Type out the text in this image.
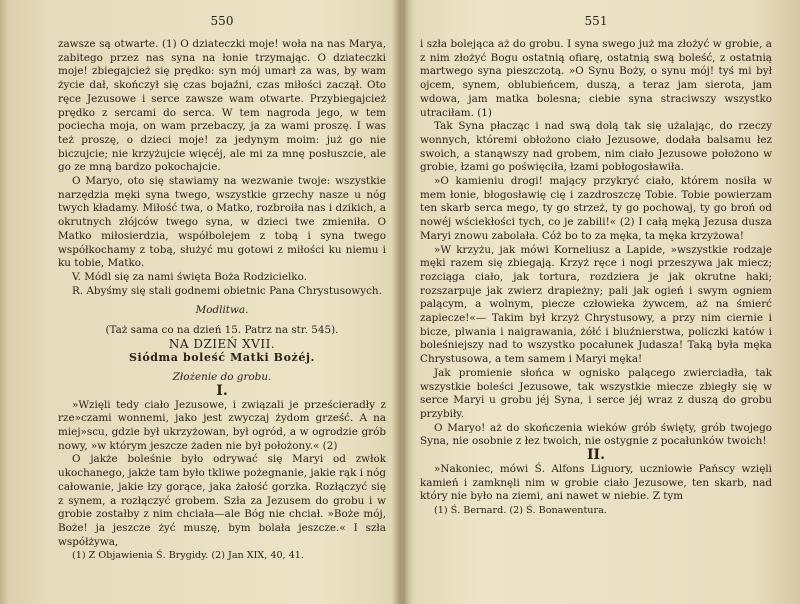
550

zawsze są otwarte. (1) O dziateczki moje! woła na nas Marya, zabitego przez nas syna na łonie trzymając. O dziateczki moje! zbiegajcież się prędko: syn mój umarł za was, by wam życie dał, skończył się czas bojaźni, czas miłości zaczął. Oto ręce Jezusowe i serce zawsze wam otwarte. Przybiegajcież prędko z sercami do serca. W tem nagroda jego, w tem pociecha moja, on wam przebaczy, ja za wami proszę. I was też proszę, o dzieci moje! za jedynym moim: już go nie biczujcie; nie krzyżujcie więcéj, ale mi za mnę posłuszcie, ale go ze mną bardzo pokochajcie.

O Maryo, oto się stawiamy na wezwanie twoje: wszystkie narzędzia męki syna twego, wszystkie grzechy nasze u nóg twych kładamy. Miłość twa, o Matko, rozbroiła nas i dzikich, a okrutnych złójców twego syna, w dzieci twe zmieniła. O Matko miłosierdzia, współbolejem z tobą i syna twego współkochamy z tobą, służyć mu gotowi z miłości ku niemu i ku tobie, Matko.

V. Módl się za nami święta Boża Rodzicielko.

R. Abyśmy się stali godnemi obietnic Pana Chrystusowych.

Modlitwa.

(Taż sama co na dzień 15. Patrz na str. 545).

NA DZIEŃ XVII.

Siódma boleść Matki Bożéj.

Złożenie do grobu.

I.

»Wzięli tedy ciało Jezusowe, i związali je prześcieradły z rze»czami wonnemi, jako jest zwyczaj żydom grześć. A na miej»scu, gdzie był ukrzyżowan, był ogród, a w ogrodzie grób nowy, »w którym jeszcze żaden nie był położony.« (2)

O jakże boleśnie było odrywać się Maryi od zwłok ukochanego, jakże tam było tkliwe pożegnanie, jakie rąk i nóg całowanie, jakie łzy gorące, jaka żałość gorzka. Rozłączyć się z synem, a rozłączyć grobem. Szła za Jezusem do grobu i w grobie zostałby z nim chciała—ale Bóg nie chciał. »Boże mój, Boże! ja jeszcze żyć muszę, bym bolała jeszcze.« I szła współżywa,

(1) Z Objawienia Ś. Brygidy. (2) Jan XIX, 40, 41.

551

i szła bolejąca aż do grobu. I syna swego już ma złożyć w grobie, a z nim złożyć Bogu ostatnią ofiarę, ostatnią swą boleść, z ostatnią martwego syna pieszczotą. »O Synu Boży, o synu mój! tyś mi był ojcem, synem, oblubieńcem, duszą, a teraz jam sierota, jam wdowa, jam matka bolesna; ciebie syna straciwszy wszystko utraciłam. (1)

Tak Syna płacząc i nad swą dolą tak się użalając, do rzeczy wonnych, któremi obłożono ciało Jezusowe, dodała balsamu łez swoich, a stanąwszy nad grobem, nim ciało Jezusowe położono w grobie, łzami go poświęciła, łzami pobłogosławiła.

»O kamieniu drogi! mający przykryć ciało, którem nosiła w mem łonie, błogosławię cię i zazdroszczę Tobie. Tobie powierzam ten skarb serca mego, ty go strzeż, ty go pochowaj, ty go broń od nowéj wściekłości tych, co je zabili!« (2) I całą męką Jezusa dusza Maryi znowu zabolała. Cóż bo to za męka, ta męka krzyżowa!

»W krzyżu, jak mówi Korneliusz a Lapide, »wszystkie rodzaje męki razem się zbiegają. Krzyż ręce i nogi przeszywa jak miecz; rozciąga ciało, jak tortura, rozdziera je jak okrutne haki; rozszarpuje jak zwierz drapieżny; pali jak ogień i swym ogniem palącym, a wolnym, piecze człowieka żywcem, aż na śmierć zapiecze!«— Takim był krzyż Chrystusowy, a przy nim ciernie i bicze, plwania i naigrawania, żółć i bluźnierstwa, policzki katów i boleśniejszy nad to wszystko pocałunek Judasza! Taką była męka Chrystusowa, a tem samem i Maryi męka!

Jak promienie słońca w ognisko palącego zwierciadła, tak wszystkie boleści Jezusowe, tak wszystkie miecze zbiegły się w serce Maryi u grobu jéj Syna, i serce jéj wraz z duszą do grobu przybiły.

O Maryo! aż do skończenia wieków grób święty, grób twojego Syna, nie osobnie z łez twoich, nie ostygnie z pocałunków twoich!

II.

»Nakoniec, mówi Ś. Alfons Liguory, uczniowie Pańscy wzięli kamień i zamknęli nim w grobie ciało Jezusowe, ten skarb, nad który nie było na ziemi, ani nawet w niebie. Z tym

(1) Ś. Bernard. (2) Ś. Bonawentura.
